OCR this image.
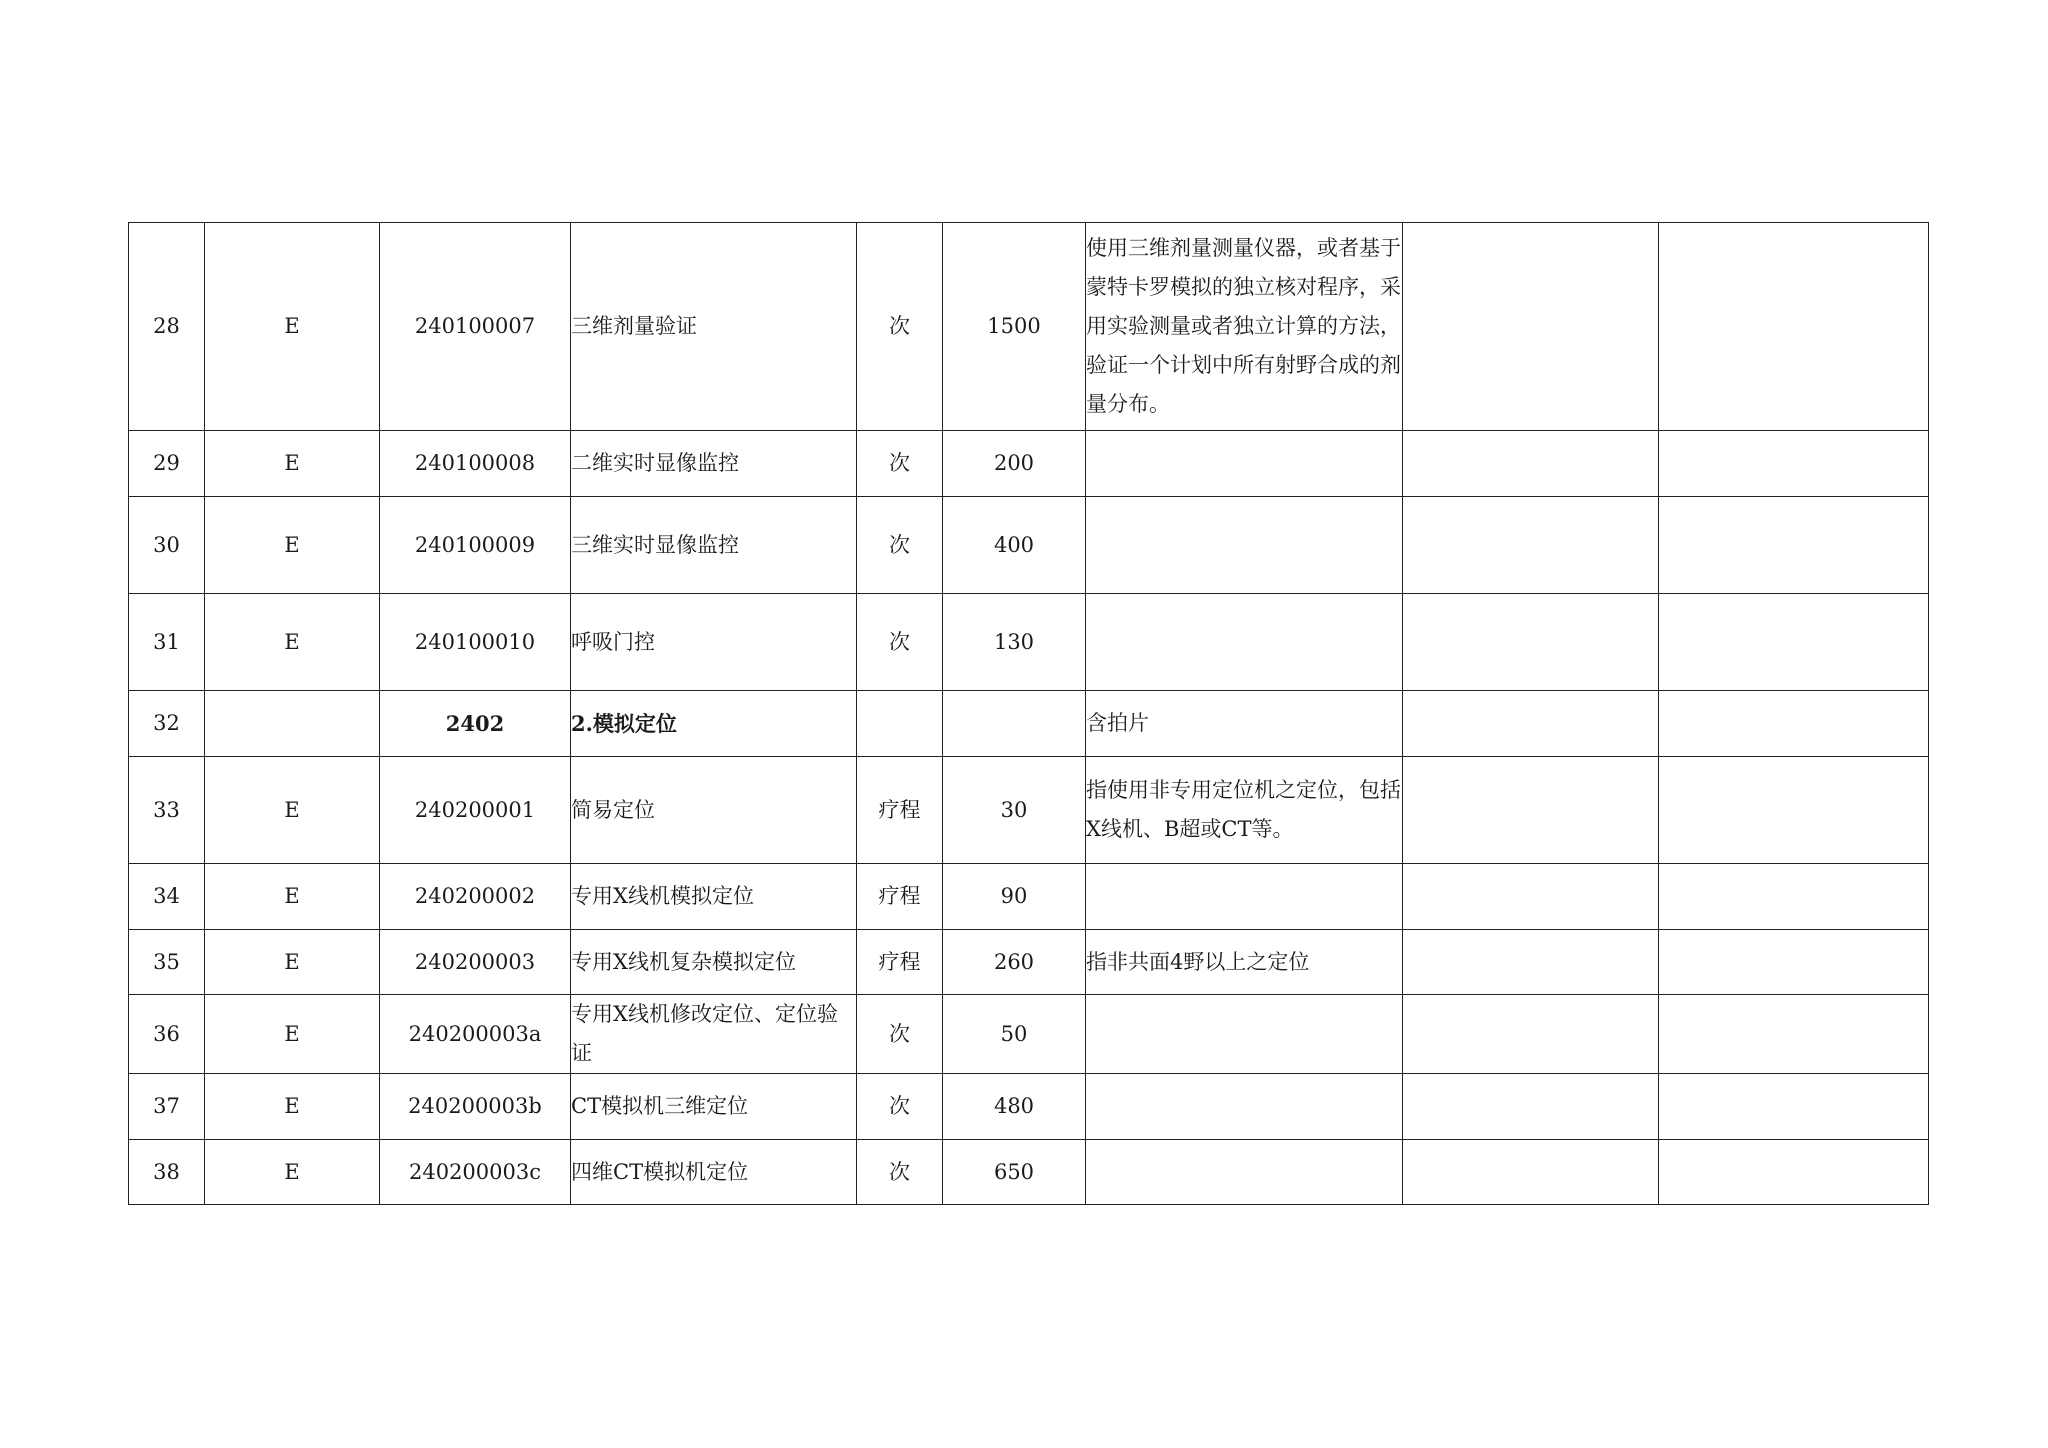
28	E	240100007	三维剂量验证	次	1500	使用三维剂量测量仪器，或者基于蒙特卡罗模拟的独立核对程序，采用实验测量或者独立计算的方法，验证一个计划中所有射野合成的剂量分布。		
29	E	240100008	二维实时显像监控	次	200			
30	E	240100009	三维实时显像监控	次	400			
31	E	240100010	呼吸门控	次	130			
32		2402	2.模拟定位			含拍片		
33	E	240200001	简易定位	疗程	30	指使用非专用定位机之定位，包括X线机、B超或CT等。		
34	E	240200002	专用X线机模拟定位	疗程	90			
35	E	240200003	专用X线机复杂模拟定位	疗程	260	指非共面4野以上之定位		
36	E	240200003a	专用X线机修改定位、定位验证	次	50			
37	E	240200003b	CT模拟机三维定位	次	480			
38	E	240200003c	四维CT模拟机定位	次	650			
